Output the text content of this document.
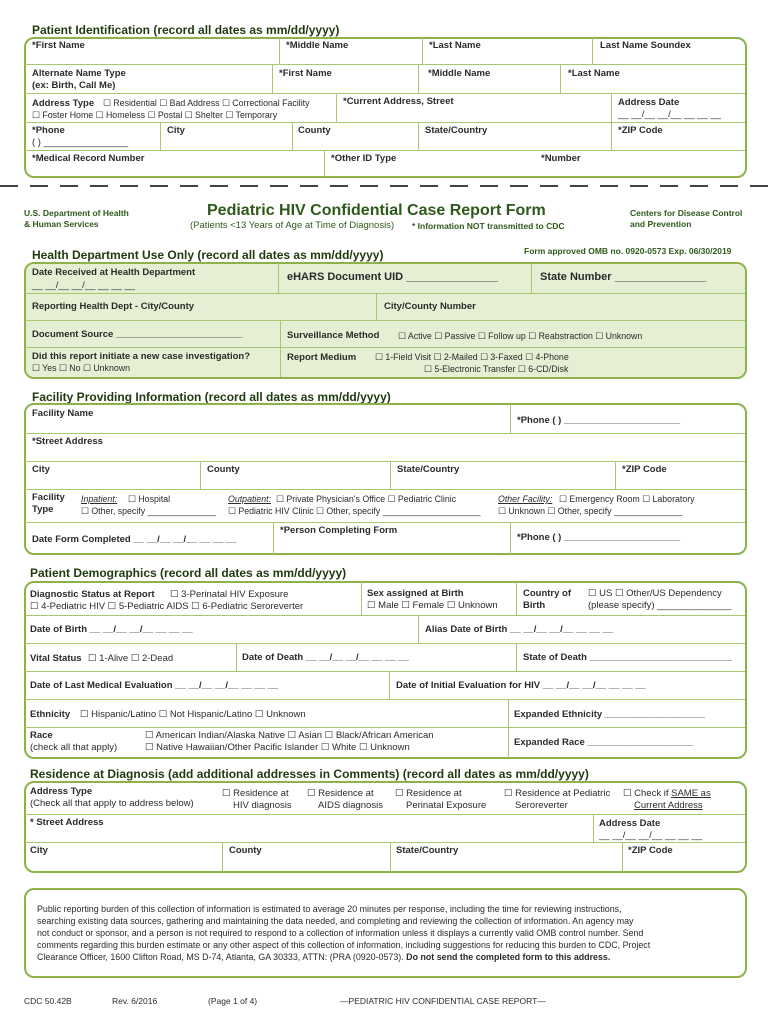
Patient Identification (record all dates as mm/dd/yyyy)
*First Name	*Middle Name	*Last Name	Last Name Soundex
Alternate Name Type
(ex: Birth, Call Me)
*First Name	*Middle Name	*Last Name
Address Type ☐ Residential ☐ Bad Address ☐ Correctional Facility
☐ Foster Home ☐ Homeless ☐ Postal ☐ Shelter ☐ Temporary
*Current Address, Street	Address Date
__ __/__ __/__ __ __ __
*Phone
( ) ________________
City	County	State/Country	*ZIP Code
*Medical Record Number	*Other ID Type	*Number
U.S. Department of Health
& Human Services
Pediatric HIV Confidential Case Report Form
(Patients <13 Years of Age at Time of Diagnosis) * Information NOT transmitted to CDC
Centers for Disease Control
and Prevention
Health Department Use Only (record all dates as mm/dd/yyyy)	Form approved OMB no. 0920-0573 Exp. 06/30/2019
Date Received at Health Department
__ __/__ __/__ __ __ __
eHARS Document UID _______________	State Number _______________
Reporting Health Dept - City/County	City/County Number
Document Source ________________________	Surveillance Method ☐ Active ☐ Passive ☐ Follow up ☐ Reabstraction ☐ Unknown
Did this report initiate a new case investigation?
☐ Yes ☐ No ☐ Unknown
Report Medium ☐ 1-Field Visit ☐ 2-Mailed ☐ 3-Faxed ☐ 4-Phone
☐ 5-Electronic Transfer ☐ 6-CD/Disk
Facility Providing Information (record all dates as mm/dd/yyyy)
Facility Name
*Phone ( ) ______________________
*Street Address
City	County	State/Country	*ZIP Code
Facility
Type
Inpatient: ☐ Hospital
☐ Other, specify ______________
Outpatient: ☐ Private Physician's Office ☐ Pediatric Clinic
☐ Pediatric HIV Clinic ☐ Other, specify ____________________
Other Facility: ☐ Emergency Room ☐ Laboratory
☐ Unknown ☐ Other, specify ______________
Date Form Completed __ __/__ __/__ __ __ __
*Person Completing Form
*Phone ( ) ______________________
Patient Demographics (record all dates as mm/dd/yyyy)
Diagnostic Status at Report ☐ 3-Perinatal HIV Exposure
☐ 4-Pediatric HIV ☐ 5-Pediatric AIDS ☐ 6-Pediatric Seroreverter
Sex assigned at Birth
☐ Male ☐ Female ☐ Unknown
Country of
Birth
☐ US ☐ Other/US Dependency
(please specify) ______________
Date of Birth __ __/__ __/__ __ __ __	Alias Date of Birth __ __/__ __/__ __ __ __
Vital Status ☐ 1-Alive ☐ 2-Dead	Date of Death __ __/__ __/__ __ __ __	State of Death ___________________________
Date of Last Medical Evaluation __ __/__ __/__ __ __ __	Date of Initial Evaluation for HIV __ __/__ __/__ __ __ __
Ethnicity ☐ Hispanic/Latino ☐ Not Hispanic/Latino ☐ Unknown	Expanded Ethnicity ___________________
Race
(check all that apply)
☐ American Indian/Alaska Native ☐ Asian ☐ Black/African American
☐ Native Hawaiian/Other Pacific Islander ☐ White ☐ Unknown	Expanded Race ____________________
Residence at Diagnosis (add additional addresses in Comments) (record all dates as mm/dd/yyyy)
Address Type
(Check all that apply to address below)
☐ Residence at
HIV diagnosis
☐ Residence at
AIDS diagnosis
☐ Residence at
Perinatal Exposure
☐ Residence at Pediatric
Seroreverter
☐ Check if SAME as
Current Address
* Street Address	Address Date
__ __/__ __/__ __ __ __
City	County	State/Country	*ZIP Code
Public reporting burden of this collection of information is estimated to average 20 minutes per response, including the time for reviewing instructions,
searching existing data sources, gathering and maintaining the data needed, and completing and reviewing the collection of information. An agency may
not conduct or sponsor, and a person is not required to respond to a collection of information unless it displays a currently valid OMB control number. Send
comments regarding this burden estimate or any other aspect of this collection of information, including suggestions for reducing this burden to CDC, Project
Clearance Officer, 1600 Clifton Road, MS D-74, Atlanta, GA 30333, ATTN: (PRA (0920-0573). Do not send the completed form to this address.
CDC 50.42B	Rev. 6/2016	(Page 1 of 4)	—PEDIATRIC HIV CONFIDENTIAL CASE REPORT—
